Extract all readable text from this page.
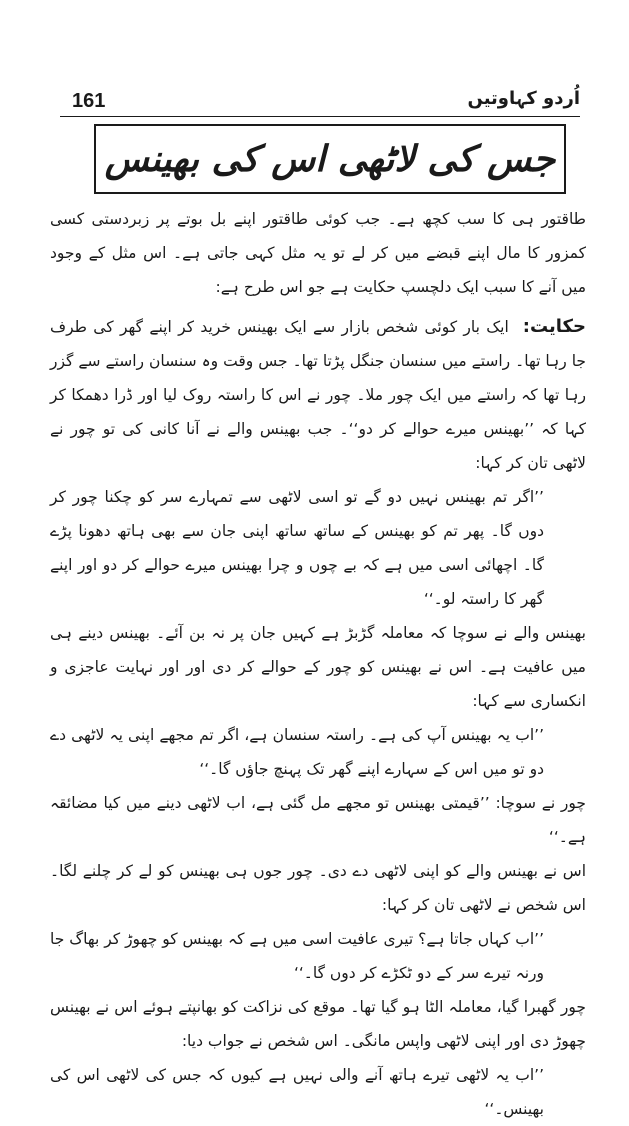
161	اُردو کہاوتیں
جس کی لاٹھی اس کی بھینس

طاقتور ہی کا سب کچھ ہے۔ جب کوئی طاقتور اپنے بل بوتے پر زبردستی کسی کمزور کا مال اپنے قبضے میں کر لے تو یہ مثل کہی جاتی ہے۔ اس مثل کے وجود میں آنے کا سبب ایک دلچسپ حکایت ہے جو اس طرح ہے:

حکایت:ایک بار کوئی شخص بازار سے ایک بھینس خرید کر اپنے گھر کی طرف جا رہا تھا۔ راستے میں سنسان جنگل پڑتا تھا۔ جس وقت وہ سنسان راستے سے گزر رہا تھا کہ راستے میں ایک چور ملا۔ چور نے اس کا راستہ روک لیا اور ڈرا دھمکا کر کہا کہ ’’بھینس میرے حوالے کر دو‘‘۔ جب بھینس والے نے آنا کانی کی تو چور نے لاٹھی تان کر کہا:

’’اگر تم بھینس نہیں دو گے تو اسی لاٹھی سے تمہارے سر کو چکنا چور کر دوں گا۔ پھر تم کو بھینس کے ساتھ ساتھ اپنی جان سے بھی ہاتھ دھونا پڑے گا۔ اچھائی اسی میں ہے کہ بے چوں و چرا بھینس میرے حوالے کر دو اور اپنے گھر کا راستہ لو۔‘‘

بھینس والے نے سوچا کہ معاملہ گڑبڑ ہے کہیں جان پر نہ بن آئے۔ بھینس دینے ہی میں عافیت ہے۔ اس نے بھینس کو چور کے حوالے کر دی اور اور نہایت عاجزی و انکساری سے کہا:

’’اب یہ بھینس آپ کی ہے۔ راستہ سنسان ہے، اگر تم مجھے اپنی یہ لاٹھی دے دو تو میں اس کے سہارے اپنے گھر تک پہنچ جاؤں گا۔‘‘

چور نے سوچا: ’’قیمتی بھینس تو مجھے مل گئی ہے، اب لاٹھی دینے میں کیا مضائقہ ہے۔‘‘

اس نے بھینس والے کو اپنی لاٹھی دے دی۔ چور جوں ہی بھینس کو لے کر چلنے لگا۔ اس شخص نے لاٹھی تان کر کہا:

’’اب کہاں جاتا ہے؟ تیری عافیت اسی میں ہے کہ بھینس کو چھوڑ کر بھاگ جا ورنہ تیرے سر کے دو ٹکڑے کر دوں گا۔‘‘

چور گھبرا گیا، معاملہ الٹا ہو گیا تھا۔ موقع کی نزاکت کو بھانپتے ہوئے اس نے بھینس چھوڑ دی اور اپنی لاٹھی واپس مانگی۔ اس شخص نے جواب دیا:

’’اب یہ لاٹھی تیرے ہاتھ آنے والی نہیں ہے کیوں کہ جس کی لاٹھی اس کی بھینس۔‘‘
